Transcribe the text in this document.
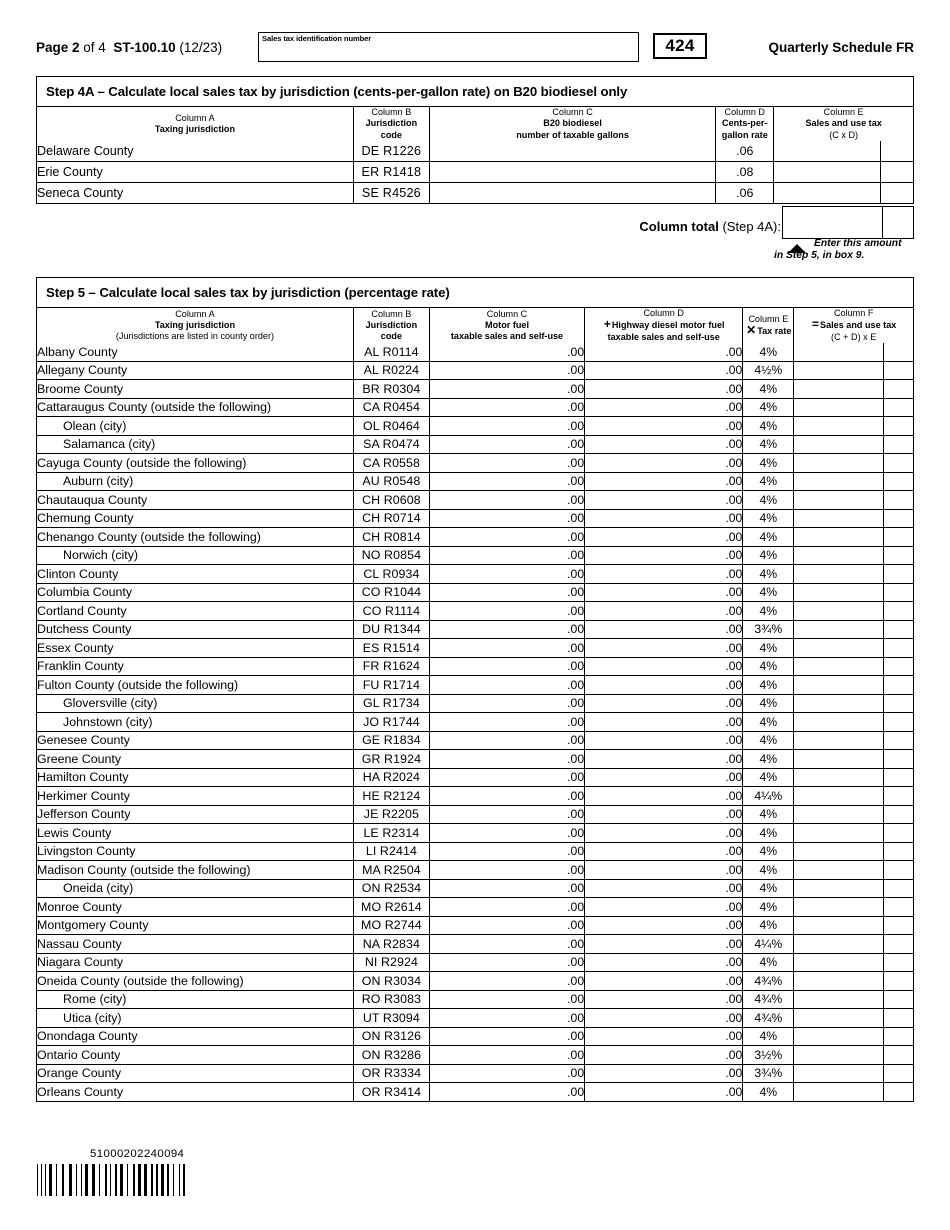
Page 2 of 4 ST-100.10 (12/23)
Sales tax identification number	424	Quarterly Schedule FR
Step 4A – Calculate local sales tax by jurisdiction (cents-per-gallon rate) on B20 biodiesel only
Column A
Taxing jurisdiction

Column B
Jurisdiction
code

Column C
B20 biodiesel
number of taxable gallons

Column D
Cents-per-
gallon rate

Column E
Sales and use tax
(C x D)

Delaware County	DE R1226		.06		
Erie County	ER R1418		.08		
Seneca County	SE R4526		.06		
Column total (Step 4A):
Enter this amount
in Step 5, in box 9.
Step 5 – Calculate local sales tax by jurisdiction (percentage rate)
Column A
Taxing jurisdiction
(Jurisdictions are listed in county order)

Column B
Jurisdiction
code

Column C
Motor fuel
taxable sales and self-use

Column D
+Highway diesel motor fuel
taxable sales and self-use

Column E
✕Tax rate

Column F
=Sales and use tax
(C + D) x E

Albany County	AL R0114	.00	.00	4%		
Allegany County	AL R0224	.00	.00	4½%		
Broome County	BR R0304	.00	.00	4%		
Cattaraugus County (outside the following)	CA R0454	.00	.00	4%		
Olean (city)	OL R0464	.00	.00	4%		
Salamanca (city)	SA R0474	.00	.00	4%		
Cayuga County (outside the following)	CA R0558	.00	.00	4%		
Auburn (city)	AU R0548	.00	.00	4%		
Chautauqua County	CH R0608	.00	.00	4%		
Chemung County	CH R0714	.00	.00	4%		
Chenango County (outside the following)	CH R0814	.00	.00	4%		
Norwich (city)	NO R0854	.00	.00	4%		
Clinton County	CL R0934	.00	.00	4%		
Columbia County	CO R1044	.00	.00	4%		
Cortland County	CO R1114	.00	.00	4%		
Dutchess County	DU R1344	.00	.00	3¾%		
Essex County	ES R1514	.00	.00	4%		
Franklin County	FR R1624	.00	.00	4%		
Fulton County (outside the following)	FU R1714	.00	.00	4%		
Gloversville (city)	GL R1734	.00	.00	4%		
Johnstown (city)	JO R1744	.00	.00	4%		
Genesee County	GE R1834	.00	.00	4%		
Greene County	GR R1924	.00	.00	4%		
Hamilton County	HA R2024	.00	.00	4%		
Herkimer County	HE R2124	.00	.00	4¼%		
Jefferson County	JE R2205	.00	.00	4%		
Lewis County	LE R2314	.00	.00	4%		
Livingston County	LI R2414	.00	.00	4%		
Madison County (outside the following)	MA R2504	.00	.00	4%		
Oneida (city)	ON R2534	.00	.00	4%		
Monroe County	MO R2614	.00	.00	4%		
Montgomery County	MO R2744	.00	.00	4%		
Nassau County	NA R2834	.00	.00	4¼%		
Niagara County	NI R2924	.00	.00	4%		
Oneida County (outside the following)	ON R3034	.00	.00	4¾%		
Rome (city)	RO R3083	.00	.00	4¾%		
Utica (city)	UT R3094	.00	.00	4¾%		
Onondaga County	ON R3126	.00	.00	4%		
Ontario County	ON R3286	.00	.00	3½%		
Orange County	OR R3334	.00	.00	3¾%		
Orleans County	OR R3414	.00	.00	4%		
51000202240094
